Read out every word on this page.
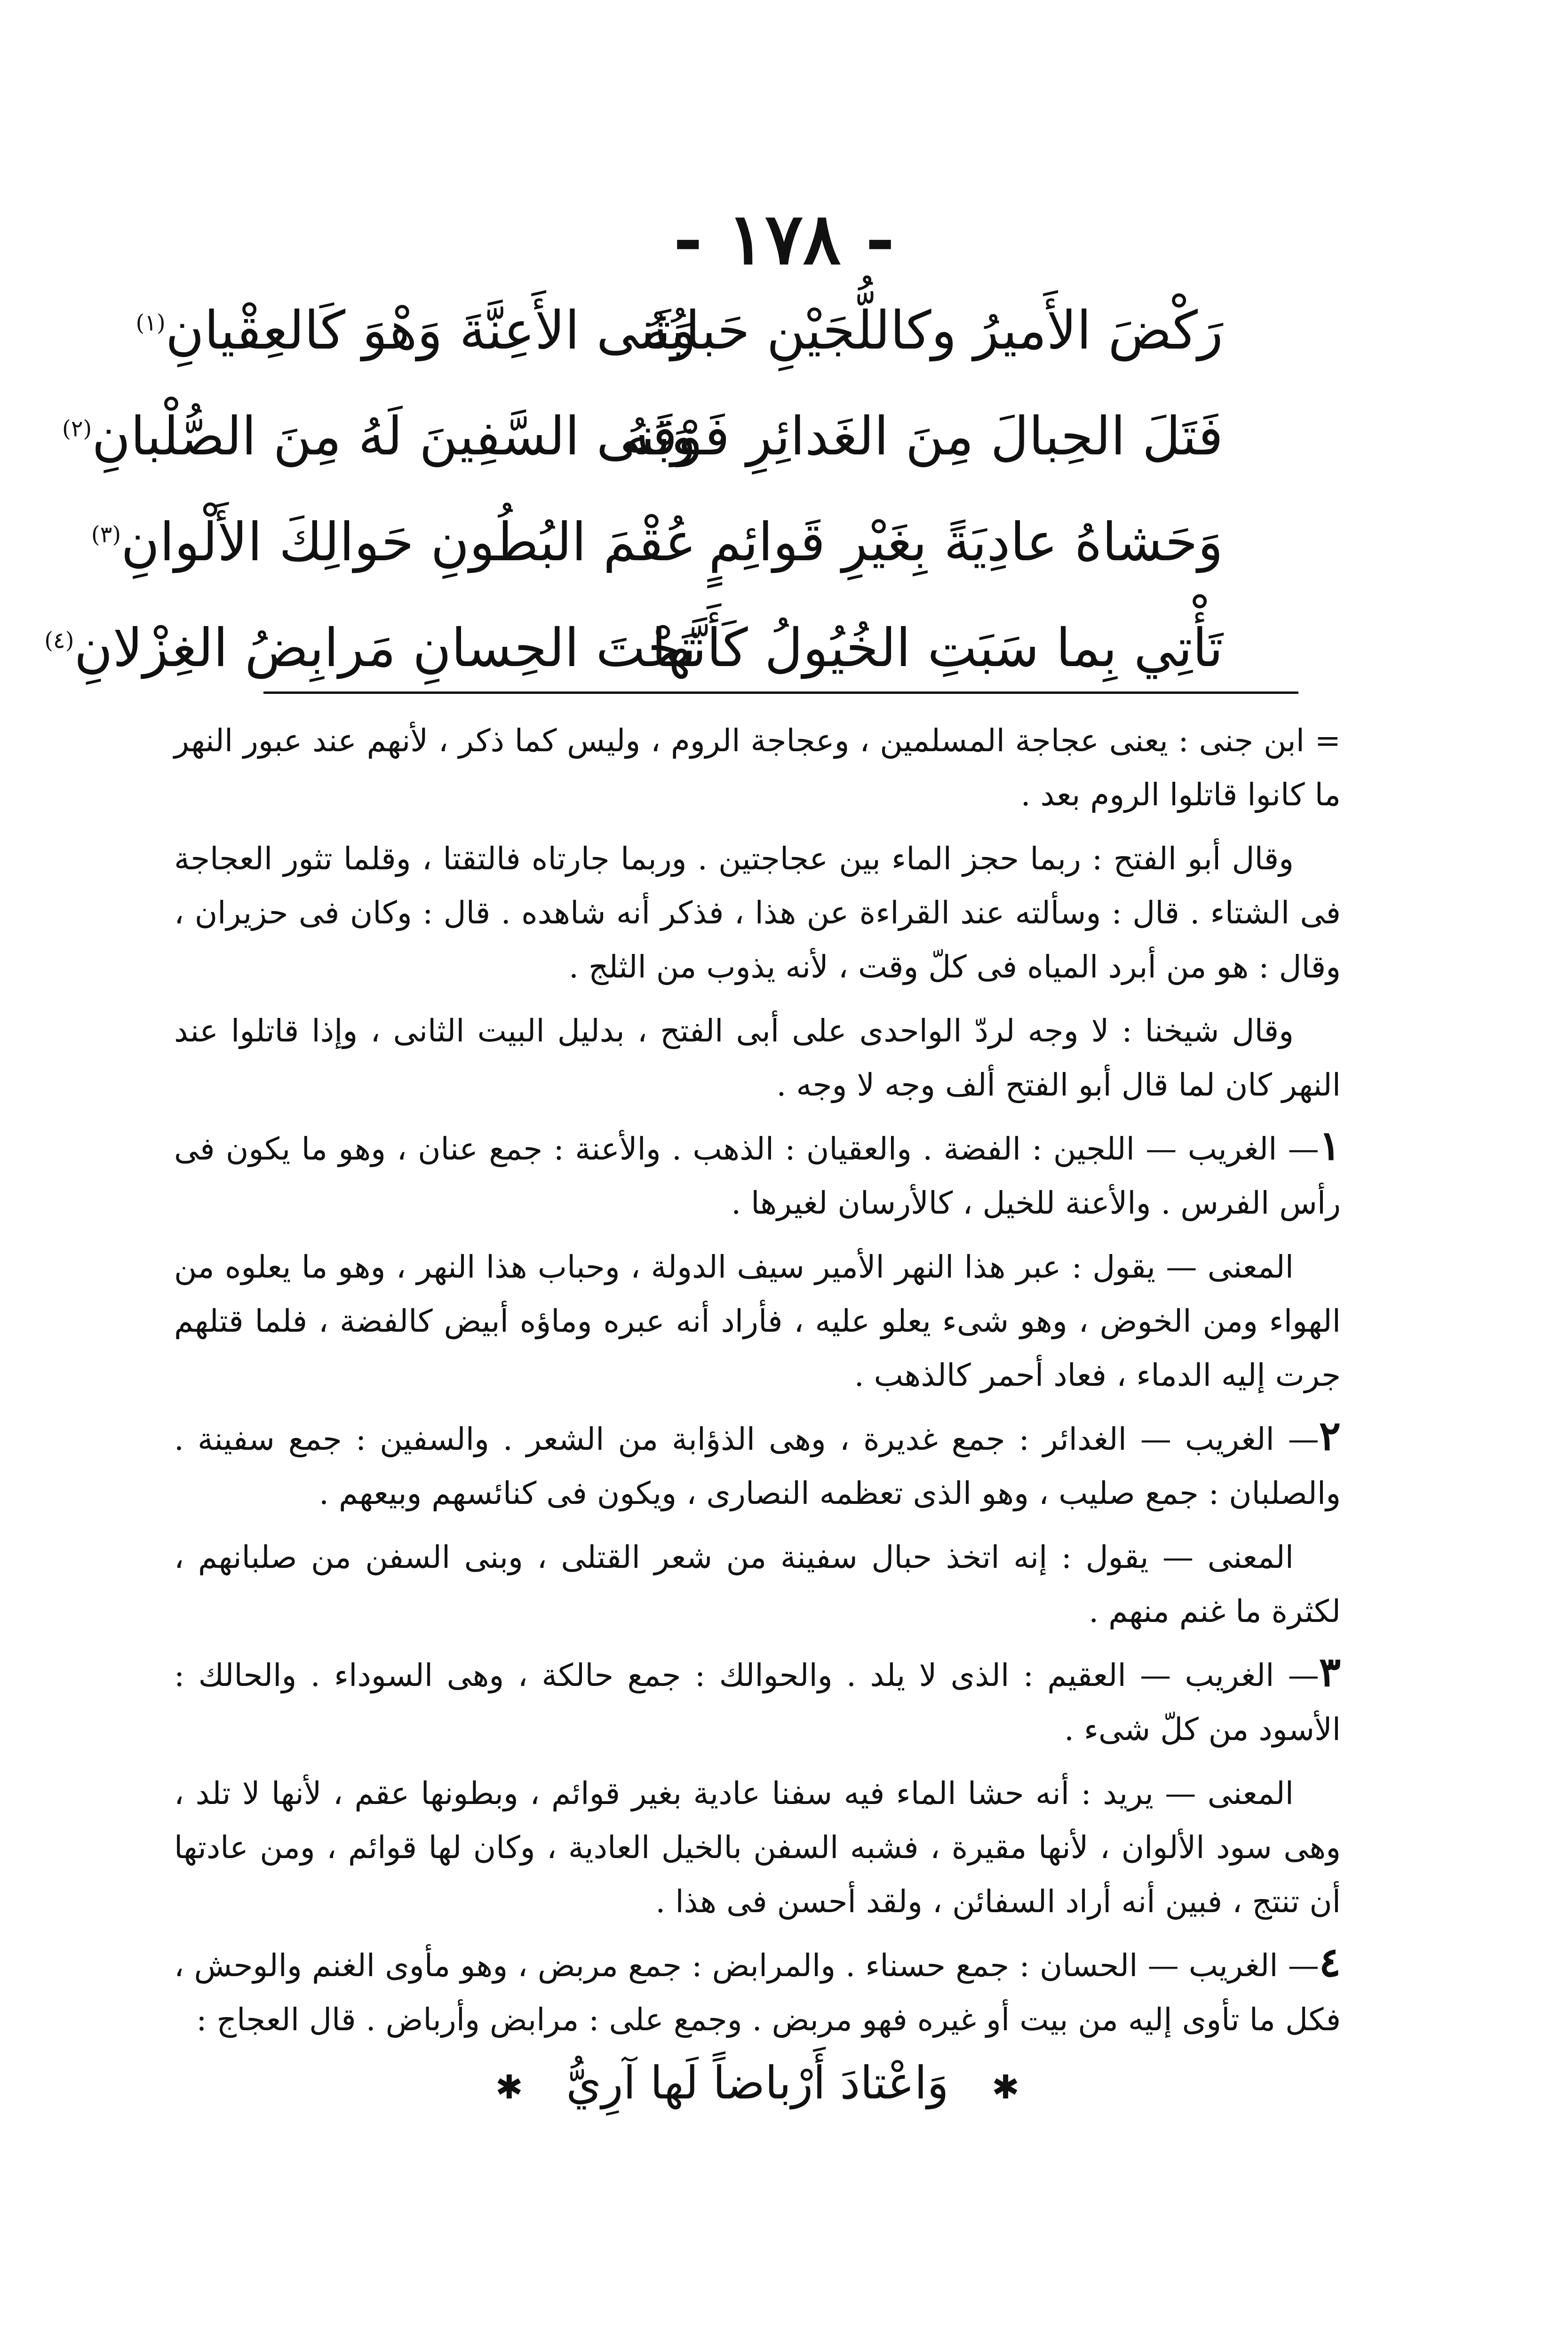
- ١٧٨ -
رَكْضَ الأَميرُ وكاللُّجَيْنِ حَبابُهُ
وَثَنى الأَعِنَّةَ وَهْوَ كَالعِقْيانِ$^{(١)}$
فَتَلَ الحِبالَ مِنَ الغَدائِرِ فَوْقَهُ
وَبَنى السَّفِينَ لَهُ مِنَ الصُّلْبانِ$^{(٢)}$
وَحَشاهُ عادِيَةً بِغَيْرِ قَوائِمٍ
عُقْمَ البُطُونِ حَوالِكَ الأَلْوانِ$^{(٣)}$
تَأْتِي بِما سَبَتِ الخُيُولُ كَأَنَّها
تَحْتَ الحِسانِ مَرابِضُ الغِزْلانِ$^{(٤)}$

= ابن جنى : يعنى عجاجة المسلمين ، وعجاجة الروم ، وليس كما ذكر ، لأنهم عند عبور النهر ما كانوا قاتلوا الروم بعد .

وقال أبو الفتح : ربما حجز الماء بين عجاجتين . وربما جارتاه فالتقتا ، وقلما تثور العجاجة فى الشتاء . قال : وسألته عند القراءة عن هذا ، فذكر أنه شاهده . قال : وكان فى حزيران ، وقال : هو من أبرد المياه فى كلّ وقت ، لأنه يذوب من الثلج .

وقال شيخنا : لا وجه لردّ الواحدى على أبى الفتح ، بدليل البيت الثانى ، وإذا قاتلوا عند النهر كان لما قال أبو الفتح ألف وجه لا وجه .

١— الغريب — اللجين : الفضة . والعقيان : الذهب . والأعنة : جمع عنان ، وهو ما يكون فى رأس الفرس . والأعنة للخيل ، كالأرسان لغيرها .

المعنى — يقول : عبر هذا النهر الأمير سيف الدولة ، وحباب هذا النهر ، وهو ما يعلوه من الهواء ومن الخوض ، وهو شىء يعلو عليه ، فأراد أنه عبره وماؤه أبيض كالفضة ، فلما قتلهم جرت إليه الدماء ، فعاد أحمر كالذهب .

٢— الغريب — الغدائر : جمع غديرة ، وهى الذؤابة من الشعر . والسفين : جمع سفينة . والصلبان : جمع صليب ، وهو الذى تعظمه النصارى ، ويكون فى كنائسهم وبيعهم .

المعنى — يقول : إنه اتخذ حبال سفينة من شعر القتلى ، وبنى السفن من صلبانهم ، لكثرة ما غنم منهم .

٣— الغريب — العقيم : الذى لا يلد . والحوالك : جمع حالكة ، وهى السوداء . والحالك : الأسود من كلّ شىء .

المعنى — يريد : أنه حشا الماء فيه سفنا عادية بغير قوائم ، وبطونها عقم ، لأنها لا تلد ، وهى سود الألوان ، لأنها مقيرة ، فشبه السفن بالخيل العادية ، وكان لها قوائم ، ومن عادتها أن تنتج ، فبين أنه أراد السفائن ، ولقد أحسن فى هذا .

٤— الغريب — الحسان : جمع حسناء . والمرابض : جمع مربض ، وهو مأوى الغنم والوحش ، فكل ما تأوى إليه من بيت أو غيره فهو مربض . وجمع على : مرابض وأرباض . قال العجاج :

✱   وَاعْتادَ أَرْباضاً لَها آرِيُّ   ✱
